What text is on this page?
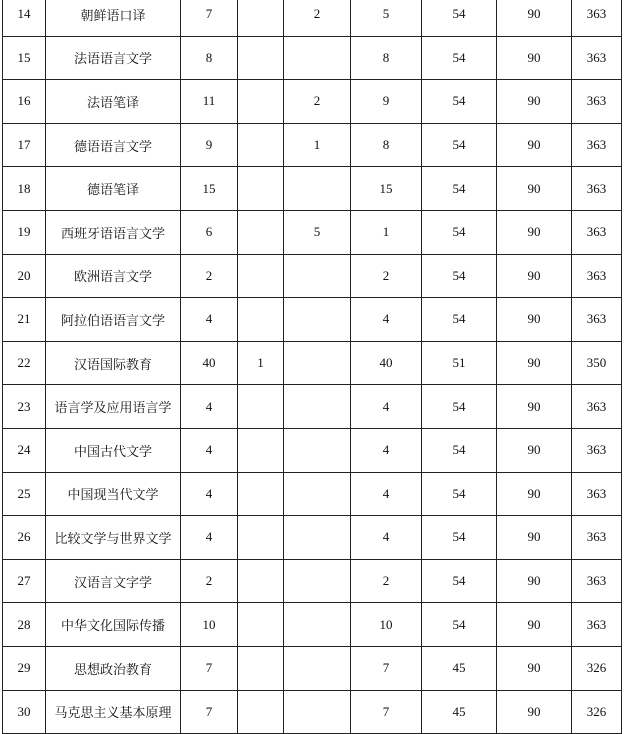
14	朝鲜语口译	7		2	5	54	90	363
15	法语语言文学	8			8	54	90	363
16	法语笔译	11		2	9	54	90	363
17	德语语言文学	9		1	8	54	90	363
18	德语笔译	15			15	54	90	363
19	西班牙语语言文学	6		5	1	54	90	363
20	欧洲语言文学	2			2	54	90	363
21	阿拉伯语语言文学	4			4	54	90	363
22	汉语国际教育	40	1		40	51	90	350
23	语言学及应用语言学	4			4	54	90	363
24	中国古代文学	4			4	54	90	363
25	中国现当代文学	4			4	54	90	363
26	比较文学与世界文学	4			4	54	90	363
27	汉语言文字学	2			2	54	90	363
28	中华文化国际传播	10			10	54	90	363
29	思想政治教育	7			7	45	90	326
30	马克思主义基本原理	7			7	45	90	326
